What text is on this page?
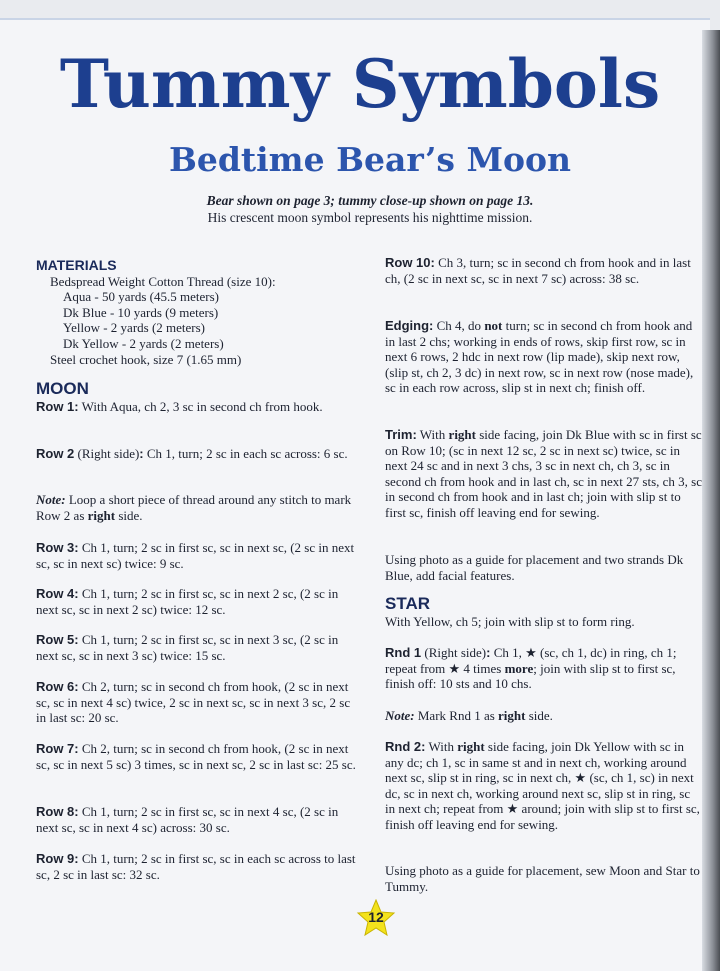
Tummy Symbols
Bedtime Bear’s Moon
Bear shown on page 3; tummy close-up shown on page 13.
His crescent moon symbol represents his nighttime mission.
MATERIALS
Bedspread Weight Cotton Thread (size 10):
Aqua - 50 yards (45.5 meters)
Dk Blue - 10 yards (9 meters)
Yellow - 2 yards (2 meters)
Dk Yellow - 2 yards (2 meters)
Steel crochet hook, size 7 (1.65 mm)
MOON
Row 1: With Aqua, ch 2, 3 sc in second ch from hook.
Row 2 (Right side): Ch 1, turn; 2 sc in each sc across: 6 sc.
Note: Loop a short piece of thread around any stitch to mark Row 2 as right side.
Row 3: Ch 1, turn; 2 sc in first sc, sc in next sc, (2 sc in next sc, sc in next sc) twice: 9 sc.
Row 4: Ch 1, turn; 2 sc in first sc, sc in next 2 sc, (2 sc in next sc, sc in next 2 sc) twice: 12 sc.
Row 5: Ch 1, turn; 2 sc in first sc, sc in next 3 sc, (2 sc in next sc, sc in next 3 sc) twice: 15 sc.
Row 6: Ch 2, turn; sc in second ch from hook, (2 sc in next sc, sc in next 4 sc) twice, 2 sc in next sc, sc in next 3 sc, 2 sc in last sc: 20 sc.
Row 7: Ch 2, turn; sc in second ch from hook, (2 sc in next sc, sc in next 5 sc) 3 times, sc in next sc, 2 sc in last sc: 25 sc.
Row 8: Ch 1, turn; 2 sc in first sc, sc in next 4 sc, (2 sc in next sc, sc in next 4 sc) across: 30 sc.
Row 9: Ch 1, turn; 2 sc in first sc, sc in each sc across to last sc, 2 sc in last sc: 32 sc.
Row 10: Ch 3, turn; sc in second ch from hook and in last ch, (2 sc in next sc, sc in next 7 sc) across: 38 sc.
Edging: Ch 4, do not turn; sc in second ch from hook and in last 2 chs; working in ends of rows, skip first row, sc in next 6 rows, 2 hdc in next row (lip made), skip next row, (slip st, ch 2, 3 dc) in next row, sc in next row (nose made), sc in each row across, slip st in next ch; finish off.
Trim: With right side facing, join Dk Blue with sc in first sc on Row 10; (sc in next 12 sc, 2 sc in next sc) twice, sc in next 24 sc and in next 3 chs, 3 sc in next ch, ch 3, sc in second ch from hook and in last ch, sc in next 27 sts, ch 3, sc in second ch from hook and in last ch; join with slip st to first sc, finish off leaving end for sewing.
Using photo as a guide for placement and two strands Dk Blue, add facial features.
STAR
With Yellow, ch 5; join with slip st to form ring.
Rnd 1 (Right side): Ch 1, ★ (sc, ch 1, dc) in ring, ch 1; repeat from ★ 4 times more; join with slip st to first sc, finish off: 10 sts and 10 chs.
Note: Mark Rnd 1 as right side.
Rnd 2: With right side facing, join Dk Yellow with sc in any dc; ch 1, sc in same st and in next ch, working around next sc, slip st in ring, sc in next ch, ★ (sc, ch 1, sc) in next dc, sc in next ch, working around next sc, slip st in ring, sc in next ch; repeat from ★ around; join with slip st to first sc, finish off leaving end for sewing.
Using photo as a guide for placement, sew Moon and Star to Tummy.
12
